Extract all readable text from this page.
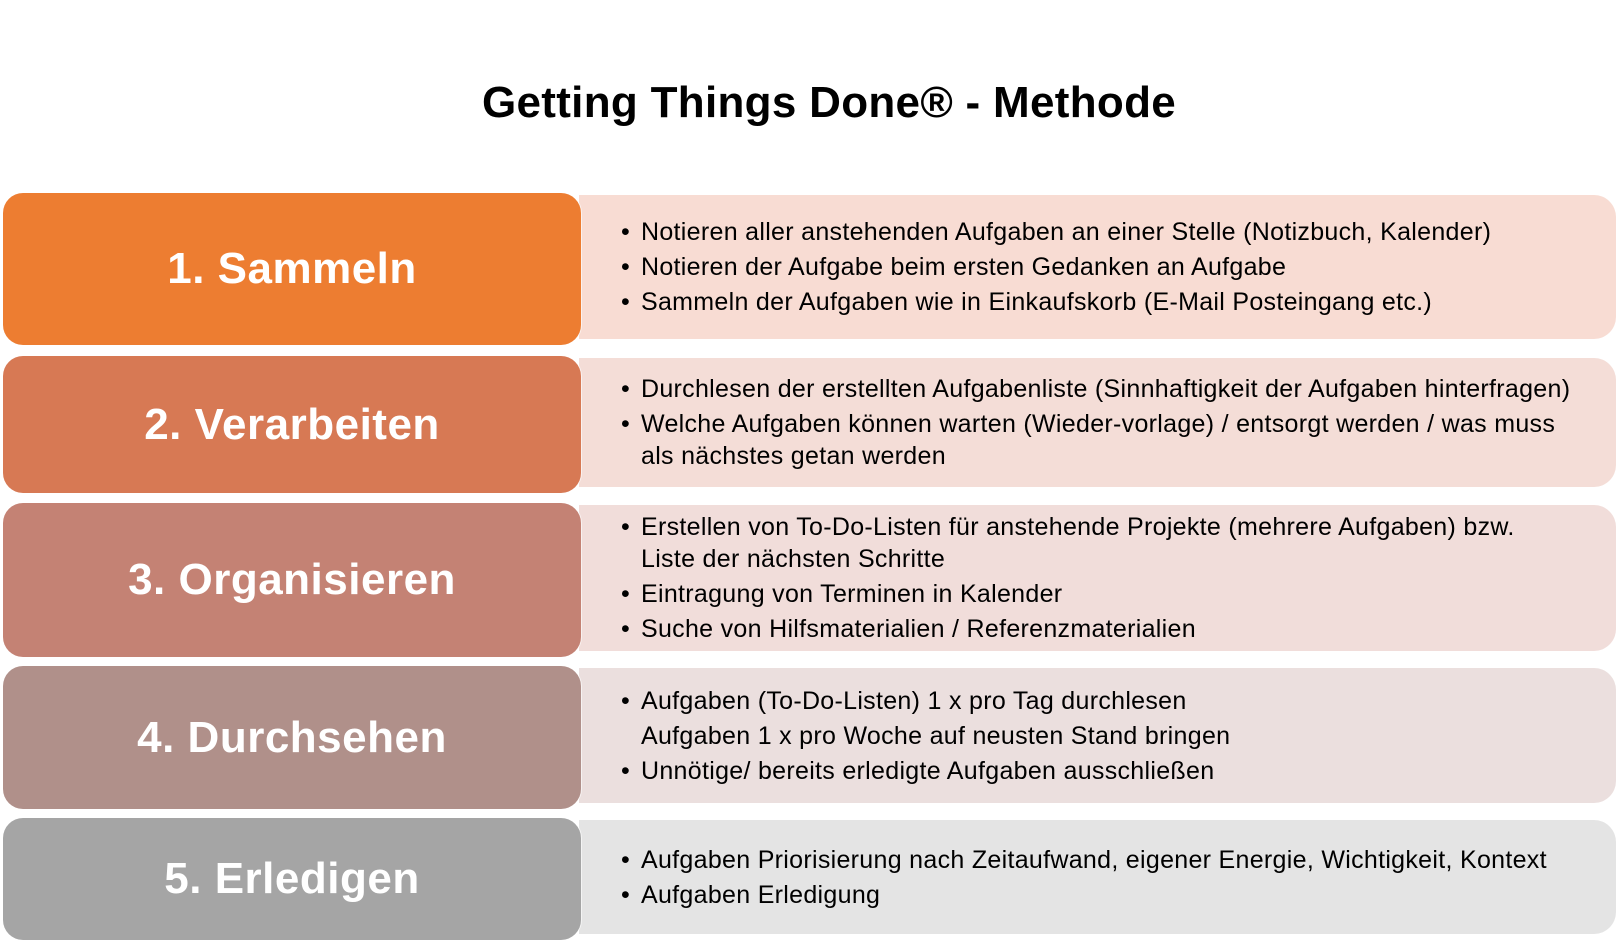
Getting Things Done® - Methode
• Notieren aller anstehenden Aufgaben an einer Stelle (Notizbuch, Kalender)
• Notieren der Aufgabe beim ersten Gedanken an Aufgabe
• Sammeln der Aufgaben wie in Einkaufskorb (E-Mail Posteingang etc.)
1. Sammeln
• Durchlesen der erstellten Aufgabenliste (Sinnhaftigkeit der Aufgaben hinterfragen)
• Welche Aufgaben können warten (Wieder-vorlage) / entsorgt werden / was muss als nächstes getan werden
2. Verarbeiten
• Erstellen von To-Do-Listen für anstehende Projekte (mehrere Aufgaben) bzw. Liste der nächsten Schritte
• Eintragung von Terminen in Kalender
• Suche von Hilfsmaterialien / Referenzmaterialien
3. Organisieren
• Aufgaben (To-Do-Listen) 1 x pro Tag durchlesen
Aufgaben 1 x pro Woche auf neusten Stand bringen
• Unnötige/ bereits erledigte Aufgaben ausschließen
4. Durchsehen
• Aufgaben Priorisierung nach Zeitaufwand, eigener Energie, Wichtigkeit, Kontext
• Aufgaben Erledigung
5. Erledigen
